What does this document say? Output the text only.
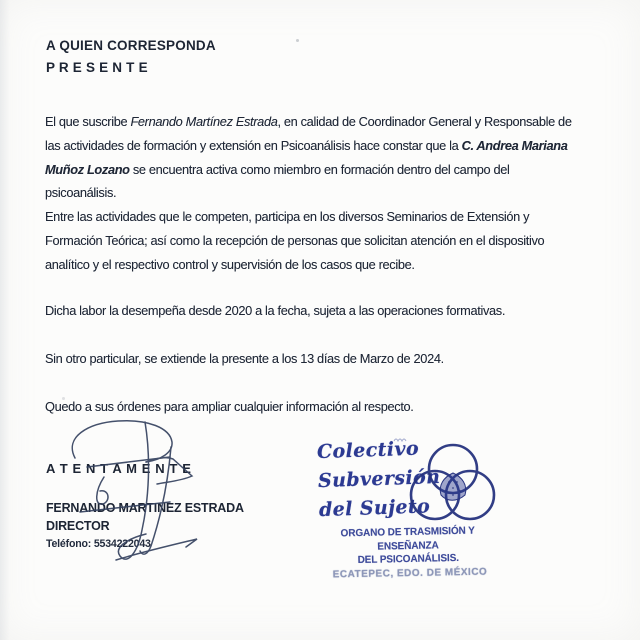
A QUIEN CORRESPONDA
P R E S E N T E
El que suscribe Fernando Martínez Estrada, en calidad de Coordinador General y Responsable de
las actividades de formación y extensión en Psicoanálisis hace constar que la C. Andrea Mariana
Muñoz Lozano se encuentra activa como miembro en formación dentro del campo del
psicoanálisis.
Entre las actividades que le competen, participa en los diversos Seminarios de Extensión y
Formación Teórica; así como la recepción de personas que solicitan atención en el dispositivo
analítico y el respectivo control y supervisión de los casos que recibe.
Dicha labor la desempeña desde 2020 a la fecha, sujeta a las operaciones formativas.
Sin otro particular, se extiende la presente a los 13 días de Marzo de 2024.
Quedo a sus órdenes para ampliar cualquier información al respecto.
A T E N T A M E N T E
FERNANDO MARTINEZ ESTRADA
DIRECTOR
Teléfono: 5534222043
Colectivo
Subversión
del Sujeto
ORGANO DE TRASMISIÓN Y ENSEÑANZA
DEL PSICOANÁLISIS.
ECATEPEC, EDO. DE MÉXICO
